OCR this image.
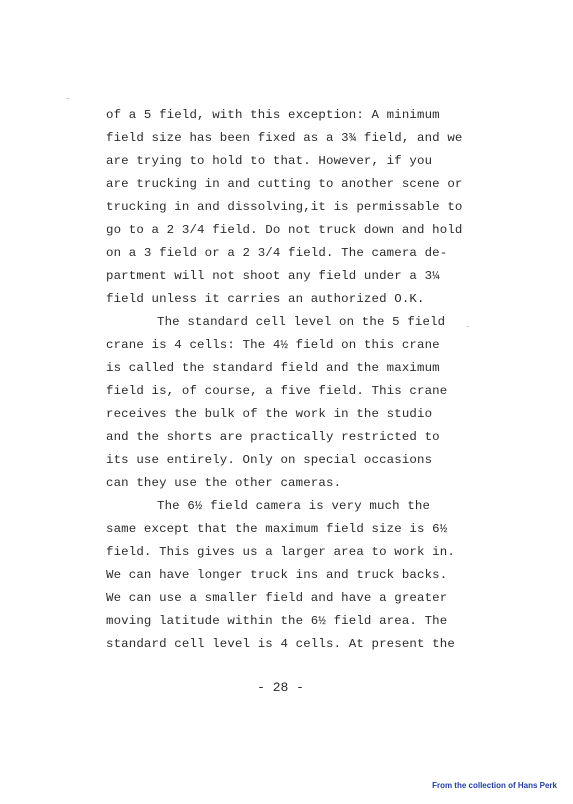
of a 5 field, with this exception: A minimum
field size has been fixed as a 3¾ field, and we
are trying to hold to that. However, if you
are trucking in and cutting to another scene or
trucking in and dissolving,it is permissable to
go to a 2 3/4 field. Do not truck down and hold
on a 3 field or a 2 3/4 field. The camera de-
partment will not shoot any field under a 3¼
field unless it carries an authorized O.K.
The standard cell level on the 5 field
crane is 4 cells: The 4½ field on this crane
is called the standard field and the maximum
field is, of course, a five field. This crane
receives the bulk of the work in the studio
and the shorts are practically restricted to
its use entirely. Only on special occasions
can they use the other cameras.
The 6½ field camera is very much the
same except that the maximum field size is 6½
field. This gives us a larger area to work in.
We can have longer truck ins and truck backs.
We can use a smaller field and have a greater
moving latitude within the 6½ field area. The
standard cell level is 4 cells. At present the
- 28 -
From the collection of Hans Perk
